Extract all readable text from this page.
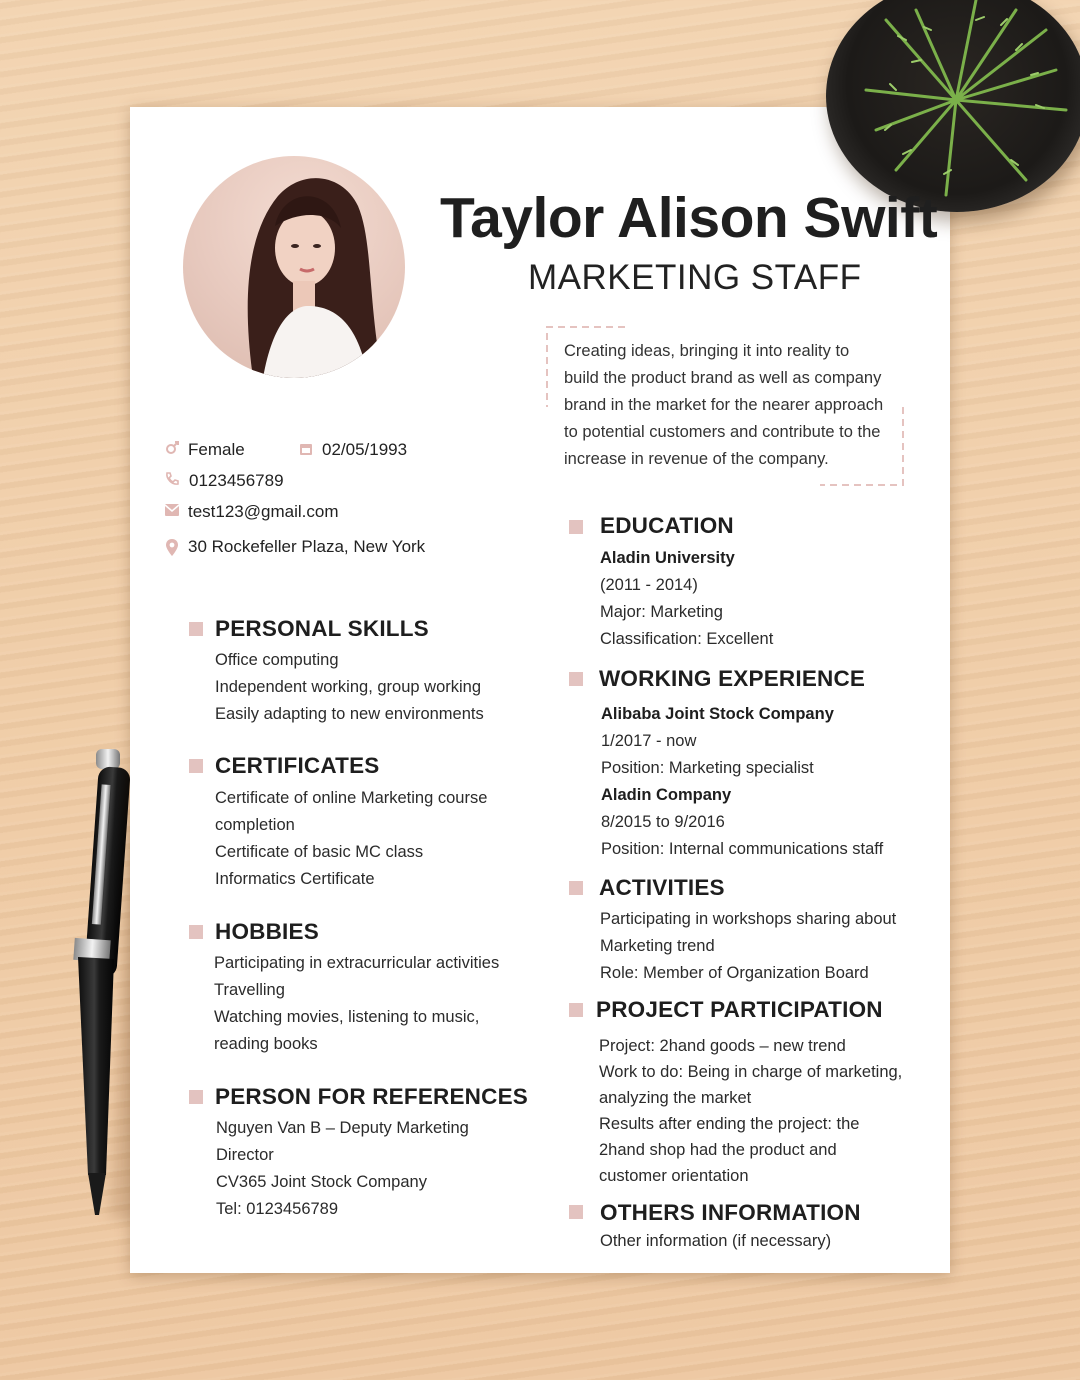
Taylor Alison Swift
MARKETING STAFF
Creating ideas, bringing it into reality to
build the product brand as well as company
brand in the market for the nearer approach
to potential customers and contribute to the
increase in revenue of the company.
Female	02/05/1993
0123456789
test123@gmail.com
30 Rockefeller Plaza, New York
PERSONAL SKILLS
Office computing
Independent working, group working
Easily adapting to new environments
CERTIFICATES
Certificate of online Marketing course
completion
Certificate of basic MC class
Informatics Certificate
HOBBIES
Participating in extracurricular activities
Travelling
Watching movies, listening to music,
reading books
PERSON FOR REFERENCES
Nguyen Van B – Deputy Marketing
Director
CV365 Joint Stock Company
Tel: 0123456789
EDUCATION
Aladin University
(2011 - 2014)
Major: Marketing
Classification: Excellent
WORKING EXPERIENCE
Alibaba Joint Stock Company
1/2017 - now
Position: Marketing specialist
Aladin Company
8/2015 to 9/2016
Position: Internal communications staff
ACTIVITIES
Participating in workshops sharing about
Marketing trend
Role: Member of Organization Board
PROJECT PARTICIPATION
Project: 2hand goods – new trend
Work to do: Being in charge of marketing,
analyzing the market
Results after ending the project: the
2hand shop had the product and
customer orientation
OTHERS INFORMATION
Other information (if necessary)
